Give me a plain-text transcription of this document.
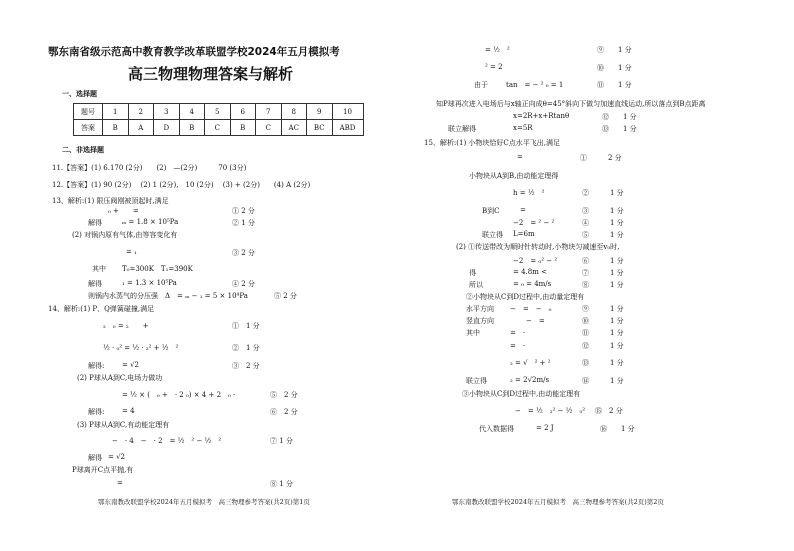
鄂东南省级示范高中教育教学改革联盟学校2024年五月模拟考
高三物理物理答案与解析
一、选择题
题号	1	2	3	4	5	6	7	8	9	10
答案	B	A	D	B	C	B	C	AC	BC	ABD
二、非选择题
11.【答案】(1) 6.170 (2分)　　(2)　—(2分)　　　70 (3分)
12.【答案】(1) 90 (2分)　 (2) 1 (2分),　10 (2分)　 (3) + (2分)　　(4) A (2分)
13、解析:(1) 限压阀刚被顶起时,满足
₀ +　　=	① 2 分
解得	ₘ = 1.8 × 10⁵Pa	② 1 分
(2) 对锅内原有气体,由等容变化有
= ₁	③ 2 分
其中 T₀=300K　T₁=390K
解得	₁ = 1.3 × 10⁵Pa	④ 2 分
则锅内水蒸气的分压强　Δ　= ₘ − ₁ = 5 × 10⁴Pa	⑤ 2 分
14、解析:(1) P、Q弹簧碰撞,满足
₂　₀ = ₂　　+	①　1 分
½ · ₀² = ½ · ₂² + ½　²	②　1 分
解得:	= √2	③　2 分
(2) P球从A到C,电场力做功
= ½ × (　₀ +　· 2 ₀) × 4 + 2　₀ ·	⑤　2 分
解得:	= 4	⑥　2 分
(3) P球从A到C,有动能定理有
−　· 4　−　· 2　= ½　² − ½　²	⑦ 1 分
解得 = √2
P球离开C点平抛,有
=	⑧ 1 分
鄂东南教改联盟学校2024年五月模拟考　高三物理参考答案(共2页)第1页
= ½　²	⑨　　1 分
² = 2	⑩　　1 分
由于	tan　= − ² ₀ = 1	⑪　　1 分
知P球再次进入电场后与x轴正向成θ=45°斜向下做匀加速直线运动,所以落点到B点距离
x=2R+x+Rtanθ	⑫　　1 分
联立解得	x=5R	⑬　　1 分
15、解析:(1) 小物块恰好C点水平飞出,满足
=	①　　　2 分
小物块从A到B,由动能定理得
h = ½　²	②　　　1 分
B到C	=	③　　　1 分
−2　= ² − ²	④　　　1 分
联立得 L=6m	⑤　　　1 分
(2) ①传送带改为顺时针转动时,小物块匀减速至v₀时,
−2　= ₀² − ²	⑥　　　1 分
得	= 4.8m <	⑦　　　1 分
所以	= ₀ = 4m/s	⑧　　　1 分
②小物块从C到D过程中,由动量定理有
水平方向 −　=　−　₀	⑨　　　1 分
竖直方向	−　=	⑩　　　1 分
其中	=　·	⑪　　　1 分
=　·	⑫　　　1 分
₂ = √　² + ²	⑬　　　1 分
联立得	₂ = 2√2m/s	⑭　　　1 分
③小物块从C到D过程中,由动能定理有
−　= ½　₂² − ½　₀² ⑮　2 分
代入数据得	= 2 J	⑯　　1 分
鄂东南教改联盟学校2024年五月模拟考　高三物理参考答案(共2页)第2页
